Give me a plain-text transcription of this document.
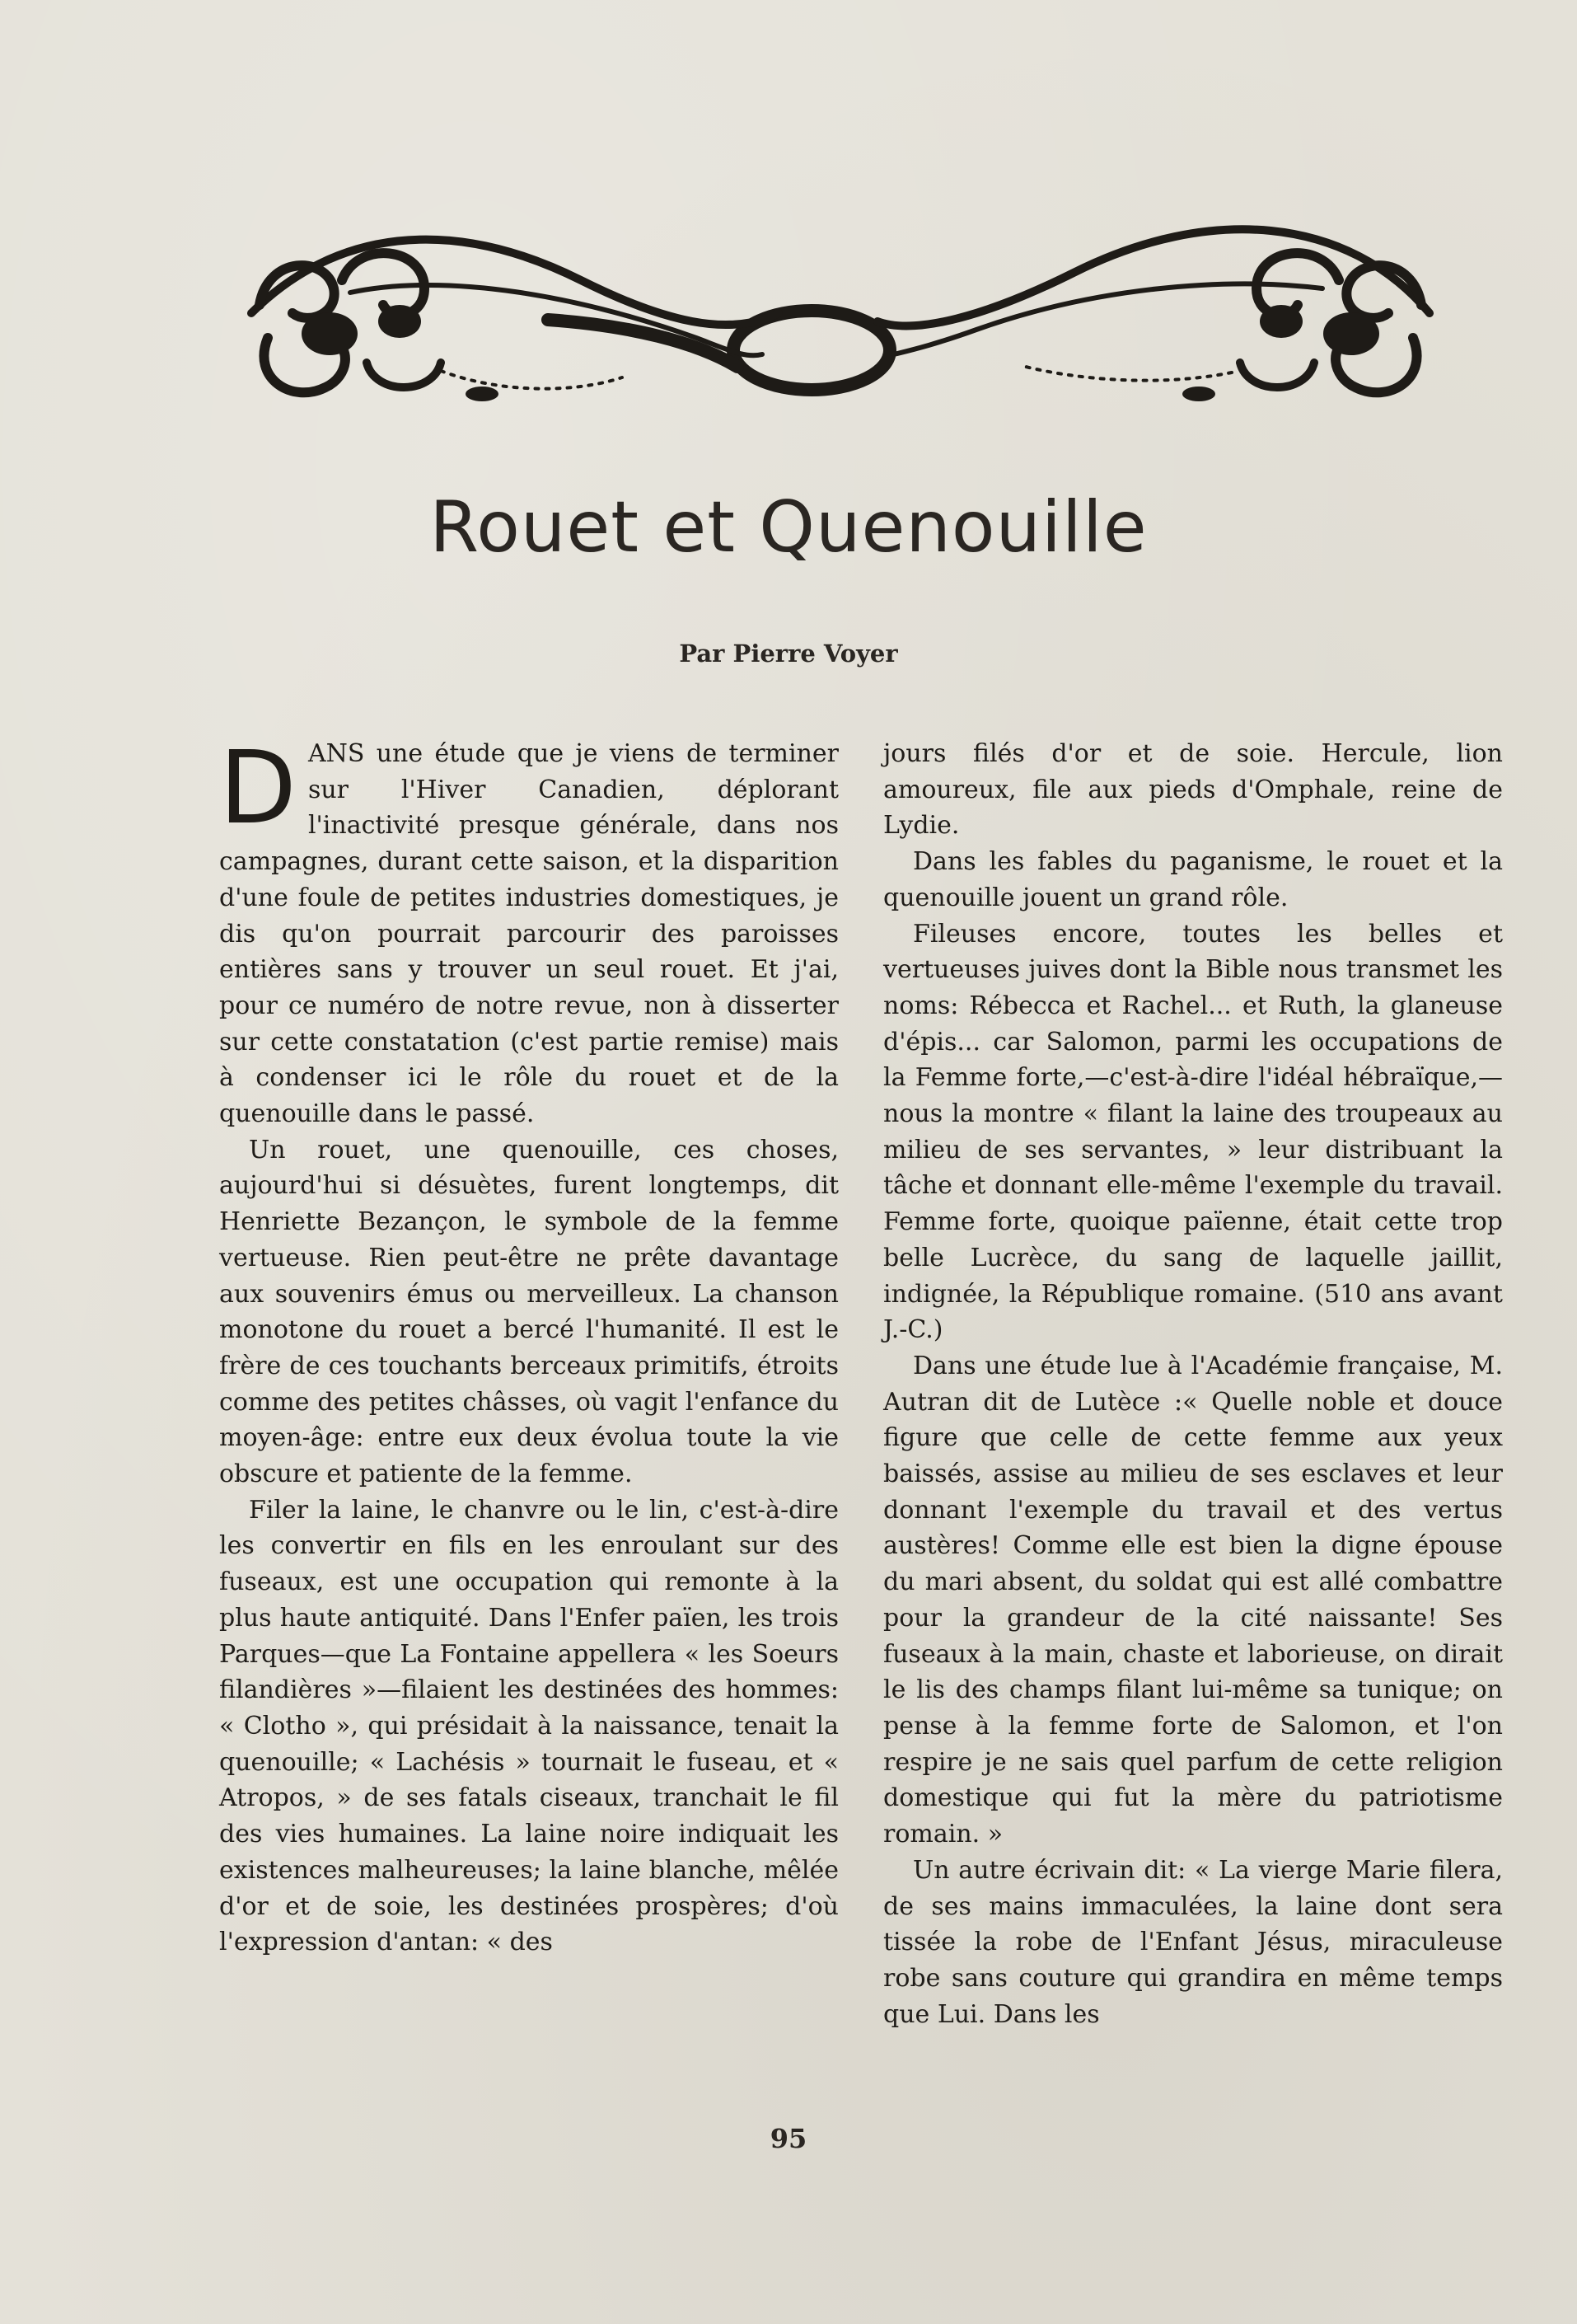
Rouet et Quenouille
Par Pierre Voyer

DANS une étude que je viens de terminer sur l'Hiver Canadien, déplorant l'inactivité presque générale, dans nos campagnes, durant cette saison, et la disparition d'une foule de petites industries domestiques, je dis qu'on pourrait parcourir des paroisses entières sans y trouver un seul rouet. Et j'ai, pour ce numéro de notre revue, non à disserter sur cette constatation (c'est partie remise) mais à condenser ici le rôle du rouet et de la quenouille dans le passé.

Un rouet, une quenouille, ces choses, aujourd'hui si désuètes, furent longtemps, dit Henriette Bezançon, le symbole de la femme vertueuse. Rien peut-être ne prête davantage aux souvenirs émus ou merveilleux. La chanson monotone du rouet a bercé l'humanité. Il est le frère de ces touchants berceaux primitifs, étroits comme des petites châsses, où vagit l'enfance du moyen-âge: entre eux deux évolua toute la vie obscure et patiente de la femme.

Filer la laine, le chanvre ou le lin, c'est-à-dire les convertir en fils en les enroulant sur des fuseaux, est une occupation qui remonte à la plus haute antiquité. Dans l'Enfer païen, les trois Parques—que La Fontaine appellera « les Soeurs filandières »—filaient les destinées des hommes: « Clotho », qui présidait à la naissance, tenait la quenouille; « Lachésis » tournait le fuseau, et « Atropos, » de ses fatals ciseaux, tranchait le fil des vies humaines. La laine noire indiquait les existences malheureuses; la laine blanche, mêlée d'or et de soie, les destinées prospères; d'où l'expression d'antan: « des

jours filés d'or et de soie. Hercule, lion amoureux, file aux pieds d'Omphale, reine de Lydie.

Dans les fables du paganisme, le rouet et la quenouille jouent un grand rôle.

Fileuses encore, toutes les belles et vertueuses juives dont la Bible nous transmet les noms: Rébecca et Rachel... et Ruth, la glaneuse d'épis... car Salomon, parmi les occupations de la Femme forte,—c'est-à-dire l'idéal hébraïque,—nous la montre « filant la laine des troupeaux au milieu de ses servantes, » leur distribuant la tâche et donnant elle-même l'exemple du travail. Femme forte, quoique païenne, était cette trop belle Lucrèce, du sang de laquelle jaillit, indignée, la République romaine. (510 ans avant J.-C.)

Dans une étude lue à l'Académie française, M. Autran dit de Lutèce :« Quelle noble et douce figure que celle de cette femme aux yeux baissés, assise au milieu de ses esclaves et leur donnant l'exemple du travail et des vertus austères! Comme elle est bien la digne épouse du mari absent, du soldat qui est allé combattre pour la grandeur de la cité naissante! Ses fuseaux à la main, chaste et laborieuse, on dirait le lis des champs filant lui-même sa tunique; on pense à la femme forte de Salomon, et l'on respire je ne sais quel parfum de cette religion domestique qui fut la mère du patriotisme romain. »

Un autre écrivain dit: « La vierge Marie filera, de ses mains immaculées, la laine dont sera tissée la robe de l'Enfant Jésus, miraculeuse robe sans couture qui grandira en même temps que Lui. Dans les

95
